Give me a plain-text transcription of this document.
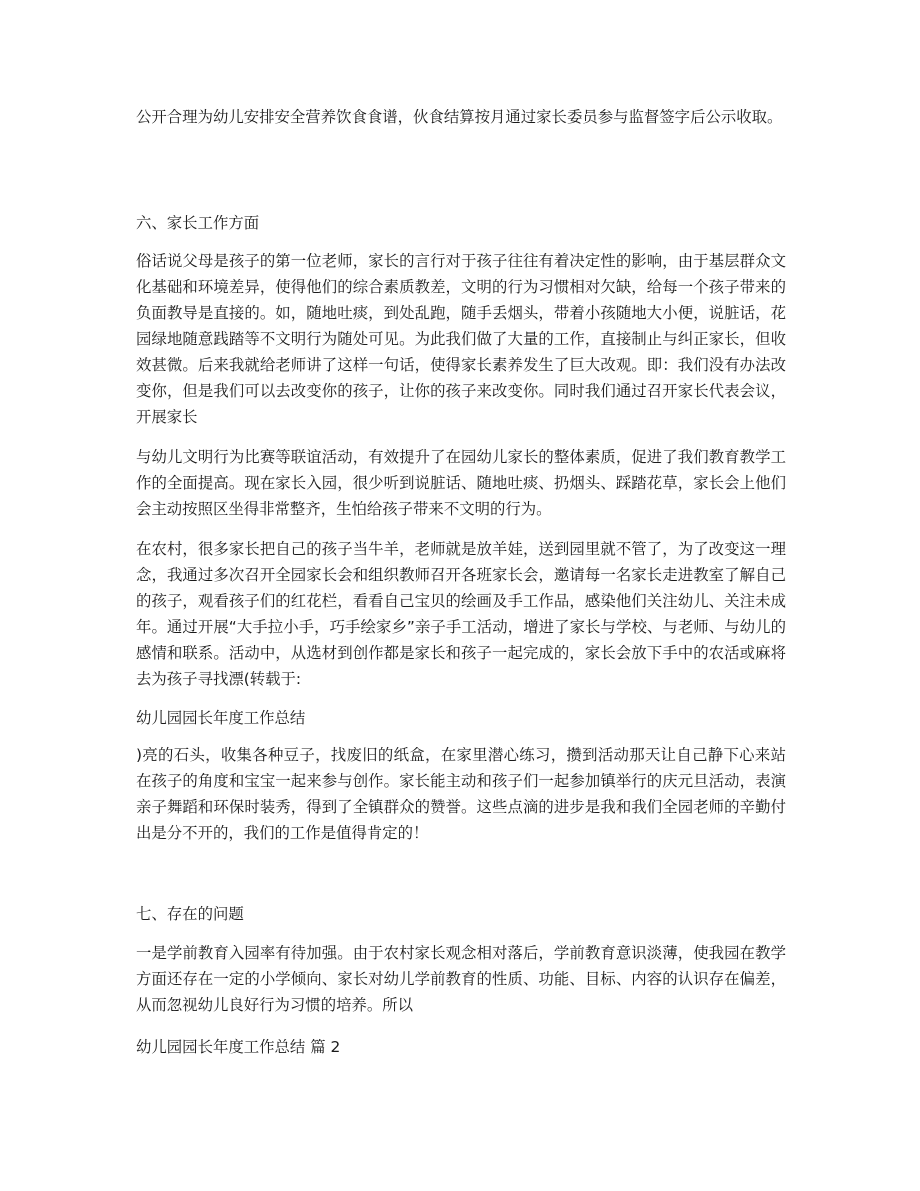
公开合理为幼儿安排安全营养饮食食谱，伙食结算按月通过家长委员参与监督签字后公示收取。

六、家长工作方面

俗话说父母是孩子的第一位老师，家长的言行对于孩子往往有着决定性的影响，由于基层群众文化基础和环境差异，使得他们的综合素质教差，文明的行为习惯相对欠缺，给每一个孩子带来的负面教导是直接的。如，随地吐痰，到处乱跑，随手丢烟头，带着小孩随地大小便，说脏话，花园绿地随意践踏等不文明行为随处可见。为此我们做了大量的工作，直接制止与纠正家长，但收效甚微。后来我就给老师讲了这样一句话，使得家长素养发生了巨大改观。即：我们没有办法改变你，但是我们可以去改变你的孩子，让你的孩子来改变你。同时我们通过召开家长代表会议， 开展家长

与幼儿文明行为比赛等联谊活动，有效提升了在园幼儿家长的整体素质，促进了我们教育教学工作的全面提高。现在家长入园，很少听到说脏话、随地吐痰、扔烟头、踩踏花草，家长会上他们会主动按照区坐得非常整齐，生怕给孩子带来不文明的行为。

在农村，很多家长把自己的孩子当牛羊，老师就是放羊娃，送到园里就不管了，为了改变这一理念，我通过多次召开全园家长会和组织教师召开各班家长会，邀请每一名家长走进教室了解自己的孩子，观看孩子们的红花栏，看看自己宝贝的绘画及手工作品，感染他们关注幼儿、关注未成年。通过开展“大手拉小手，巧手绘家乡”亲子手工活动，增进了家长与学校、与老师、与幼儿的感情和联系。活动中，从选材到创作都是家长和孩子一起完成的，家长会放下手中的农活或麻将去为孩子寻找漂(转载于:

幼儿园园长年度工作总结

)亮的石头，收集各种豆子，找废旧的纸盒，在家里潜心练习，攒到活动那天让自己静下心来站在孩子的角度和宝宝一起来参与创作。家长能主动和孩子们一起参加镇举行的庆元旦活动，表演亲子舞蹈和环保时装秀，得到了全镇群众的赞誉。这些点滴的进步是我和我们全园老师的辛勤付出是分不开的，我们的工作是值得肯定的！

七、存在的问题

一是学前教育入园率有待加强。由于农村家长观念相对落后，学前教育意识淡薄，使我园在教学方面还存在一定的小学倾向、家长对幼儿学前教育的性质、功能、目标、内容的认识存在偏差，从而忽视幼儿良好行为习惯的培养。所以

幼儿园园长年度工作总结 篇 2
